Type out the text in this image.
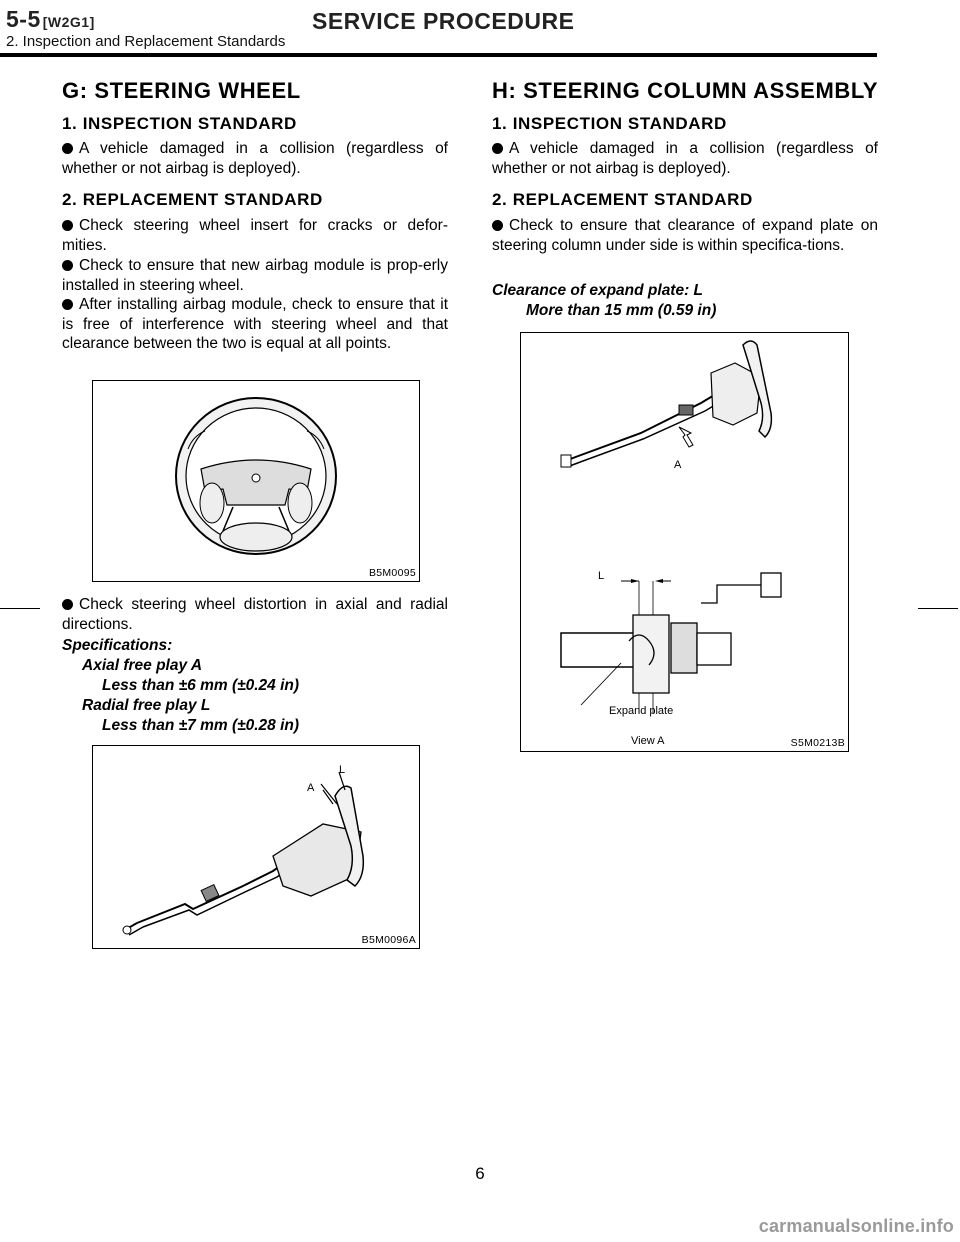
5-5 [W2G1]	SERVICE PROCEDURE
2. Inspection and Replacement Standards
G: STEERING WHEEL
1. INSPECTION STANDARD

A vehicle damaged in a collision (regardless of whether or not airbag is deployed).

2. REPLACEMENT STANDARD

Check steering wheel insert for cracks or defor-mities.

Check to ensure that new airbag module is prop-erly installed in steering wheel.

After installing airbag module, check to ensure that it is free of interference with steering wheel and that clearance between the two is equal at all points.

B5M0095

Check steering wheel distortion in axial and radial directions.

Specifications:
Axial free play A
Less than ±6 mm (±0.24 in)
Radial free play L
Less than ±7 mm (±0.28 in)
A
L
B5M0096A
H: STEERING COLUMN ASSEMBLY
1. INSPECTION STANDARD

A vehicle damaged in a collision (regardless of whether or not airbag is deployed).

2. REPLACEMENT STANDARD

Check to ensure that clearance of expand plate on steering column under side is within specifica-tions.

Clearance of expand plate: L
More than 15 mm (0.59 in)
A
L
Expand plate
View A	S5M0213B
6
carmanualsonline.info
